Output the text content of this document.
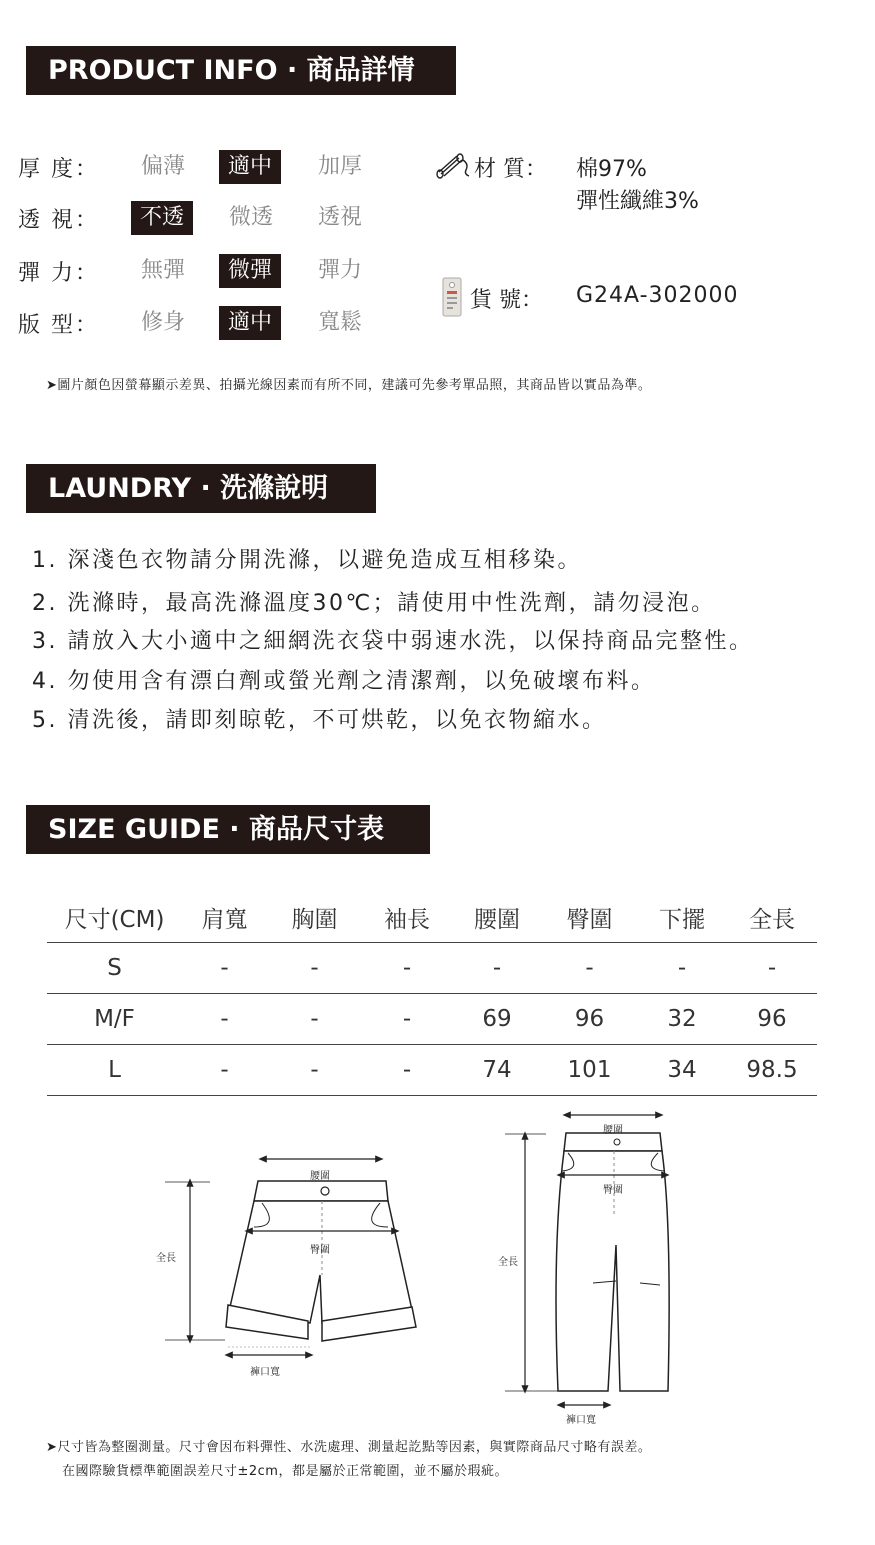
PRODUCT INFO · 商品詳情
厚 度：	偏薄	適中	加厚
透 視：	不透	微透 透視
彈 力：	無彈	微彈	彈力
版 型：	修身	適中	寬鬆
材 質： 棉97%
彈性纖維3%
貨 號： G24A-302000
➤圖片顏色因螢幕顯示差異、拍攝光線因素而有所不同，建議可先參考單品照，其商品皆以實品為準。
LAUNDRY · 洗滌說明
1. 深淺色衣物請分開洗滌，以避免造成互相移染。
2. 洗滌時，最高洗滌溫度30℃；請使用中性洗劑，請勿浸泡。
3. 請放入大小適中之細網洗衣袋中弱速水洗，以保持商品完整性。
4. 勿使用含有漂白劑或螢光劑之清潔劑，以免破壞布料。
5. 清洗後，請即刻晾乾，不可烘乾，以免衣物縮水。
SIZE GUIDE · 商品尺寸表
尺寸(CM)	肩寬	胸圍	袖長	腰圍	臀圍	下擺	全長
S	-	-	-	-	-	-	-
M/F	-	-	-	69	96	32	96
L	-	-	-	74	101	34	98.5
腰圍
臀圍
全長
褲口寬
腰圍
臀圍
全長
褲口寬
➤尺寸皆為整圈測量。尺寸會因布料彈性、水洗處理、測量起訖點等因素，與實際商品尺寸略有誤差。
在國際驗貨標準範圍誤差尺寸±2cm，都是屬於正常範圍，並不屬於瑕疵。
